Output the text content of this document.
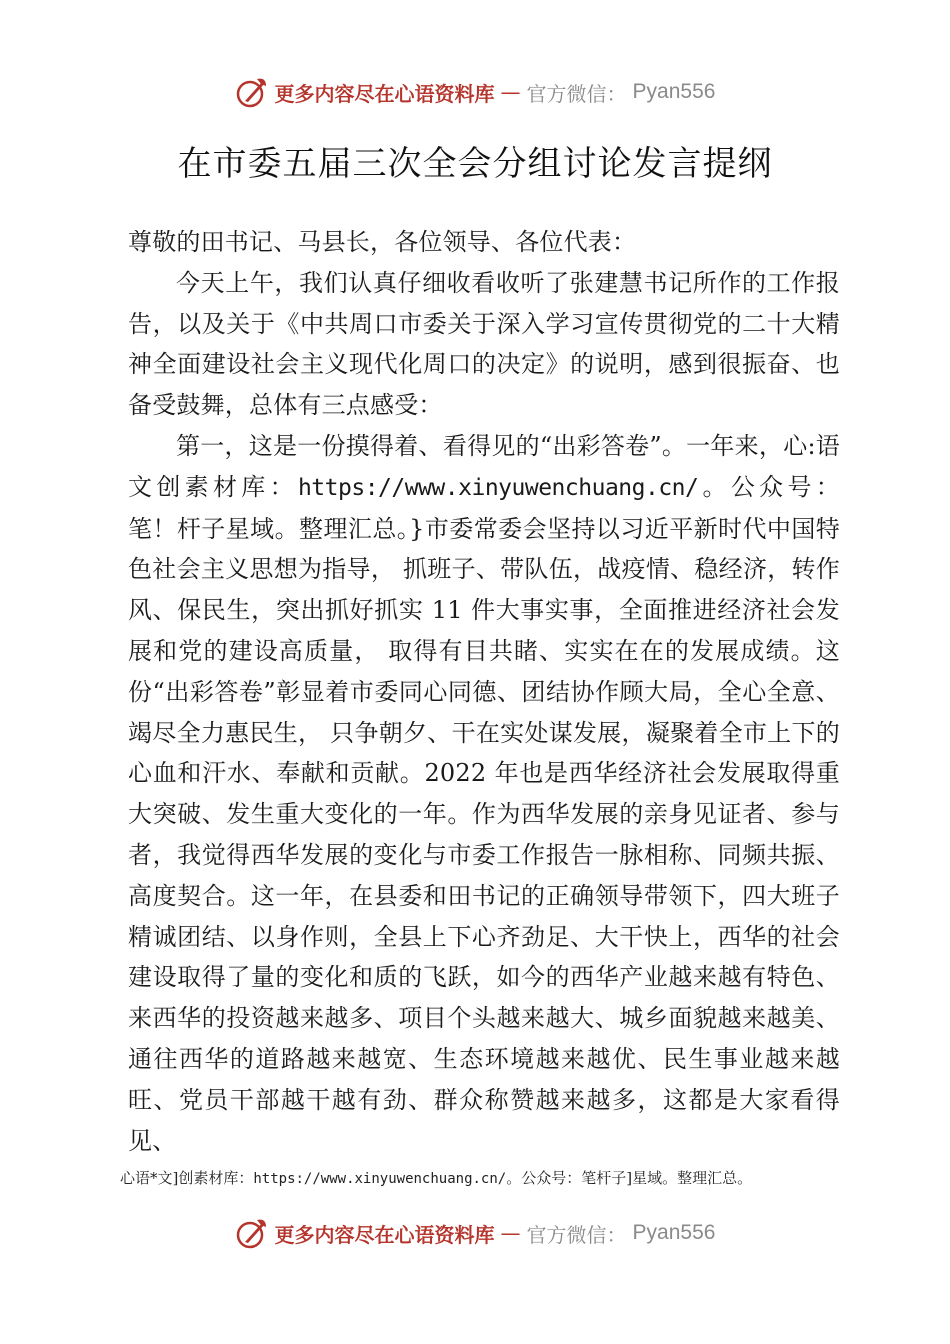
更多内容尽在心语资料库 — 官方微信： Pyan556
在市委五届三次全会分组讨论发言提纲

尊敬的田书记、马县长，各位领导、各位代表：

今天上午，我们认真仔细收看收听了张建慧书记所作的工作报告，以及关于《中共周口市委关于深入学习宣传贯彻党的二十大精神全面建设社会主义现代化周口的决定》的说明，感到很振奋、也备受鼓舞，总体有三点感受：

第一，这是一份摸得着、看得见的“出彩答卷”。一年来，心:语文创素材库：https://www.xinyuwenchuang.cn/。公众号：笔！杆子星域。整理汇总。}市委常委会坚持以习近平新时代中国特色社会主义思想为指导， 抓班子、带队伍，战疫情、稳经济，转作风、保民生，突出抓好抓实 11 件大事实事，全面推进经济社会发展和党的建设高质量， 取得有目共睹、实实在在的发展成绩。这份“出彩答卷”彰显着市委同心同德、团结协作顾大局，全心全意、竭尽全力惠民生， 只争朝夕、干在实处谋发展，凝聚着全市上下的心血和汗水、奉献和贡献。2022 年也是西华经济社会发展取得重大突破、发生重大变化的一年。作为西华发展的亲身见证者、参与者，我觉得西华发展的变化与市委工作报告一脉相称、同频共振、高度契合。这一年，在县委和田书记的正确领导带领下，四大班子精诚团结、以身作则，全县上下心齐劲足、大干快上，西华的社会建设取得了量的变化和质的飞跃，如今的西华产业越来越有特色、来西华的投资越来越多、项目个头越来越大、城乡面貌越来越美、通往西华的道路越来越宽、生态环境越来越优、民生事业越来越旺、党员干部越干越有劲、群众称赞越来越多，这都是大家看得见、

心语*文]创素材库：https://www.xinyuwenchuang.cn/。公众号：笔杆子]星域。整理汇总。
更多内容尽在心语资料库 — 官方微信： Pyan556
